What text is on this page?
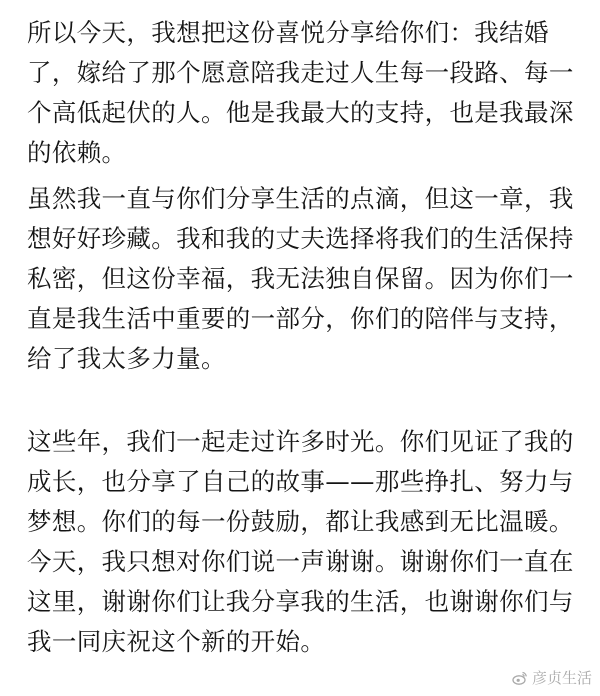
所以今天，我想把这份喜悦分享给你们：我结婚
了，嫁给了那个愿意陪我走过人生每一段路、每一
个高低起伏的人。他是我最大的支持，也是我最深
的依赖。
虽然我一直与你们分享生活的点滴，但这一章，我
想好好珍藏。我和我的丈夫选择将我们的生活保持
私密，但这份幸福，我无法独自保留。因为你们一
直是我生活中重要的一部分，你们的陪伴与支持，
给了我太多力量。
这些年，我们一起走过许多时光。你们见证了我的
成长，也分享了自己的故事——那些挣扎、努力与
梦想。你们的每一份鼓励，都让我感到无比温暖。
今天，我只想对你们说一声谢谢。谢谢你们一直在
这里，谢谢你们让我分享我的生活，也谢谢你们与
我一同庆祝这个新的开始。
彦贞生活
